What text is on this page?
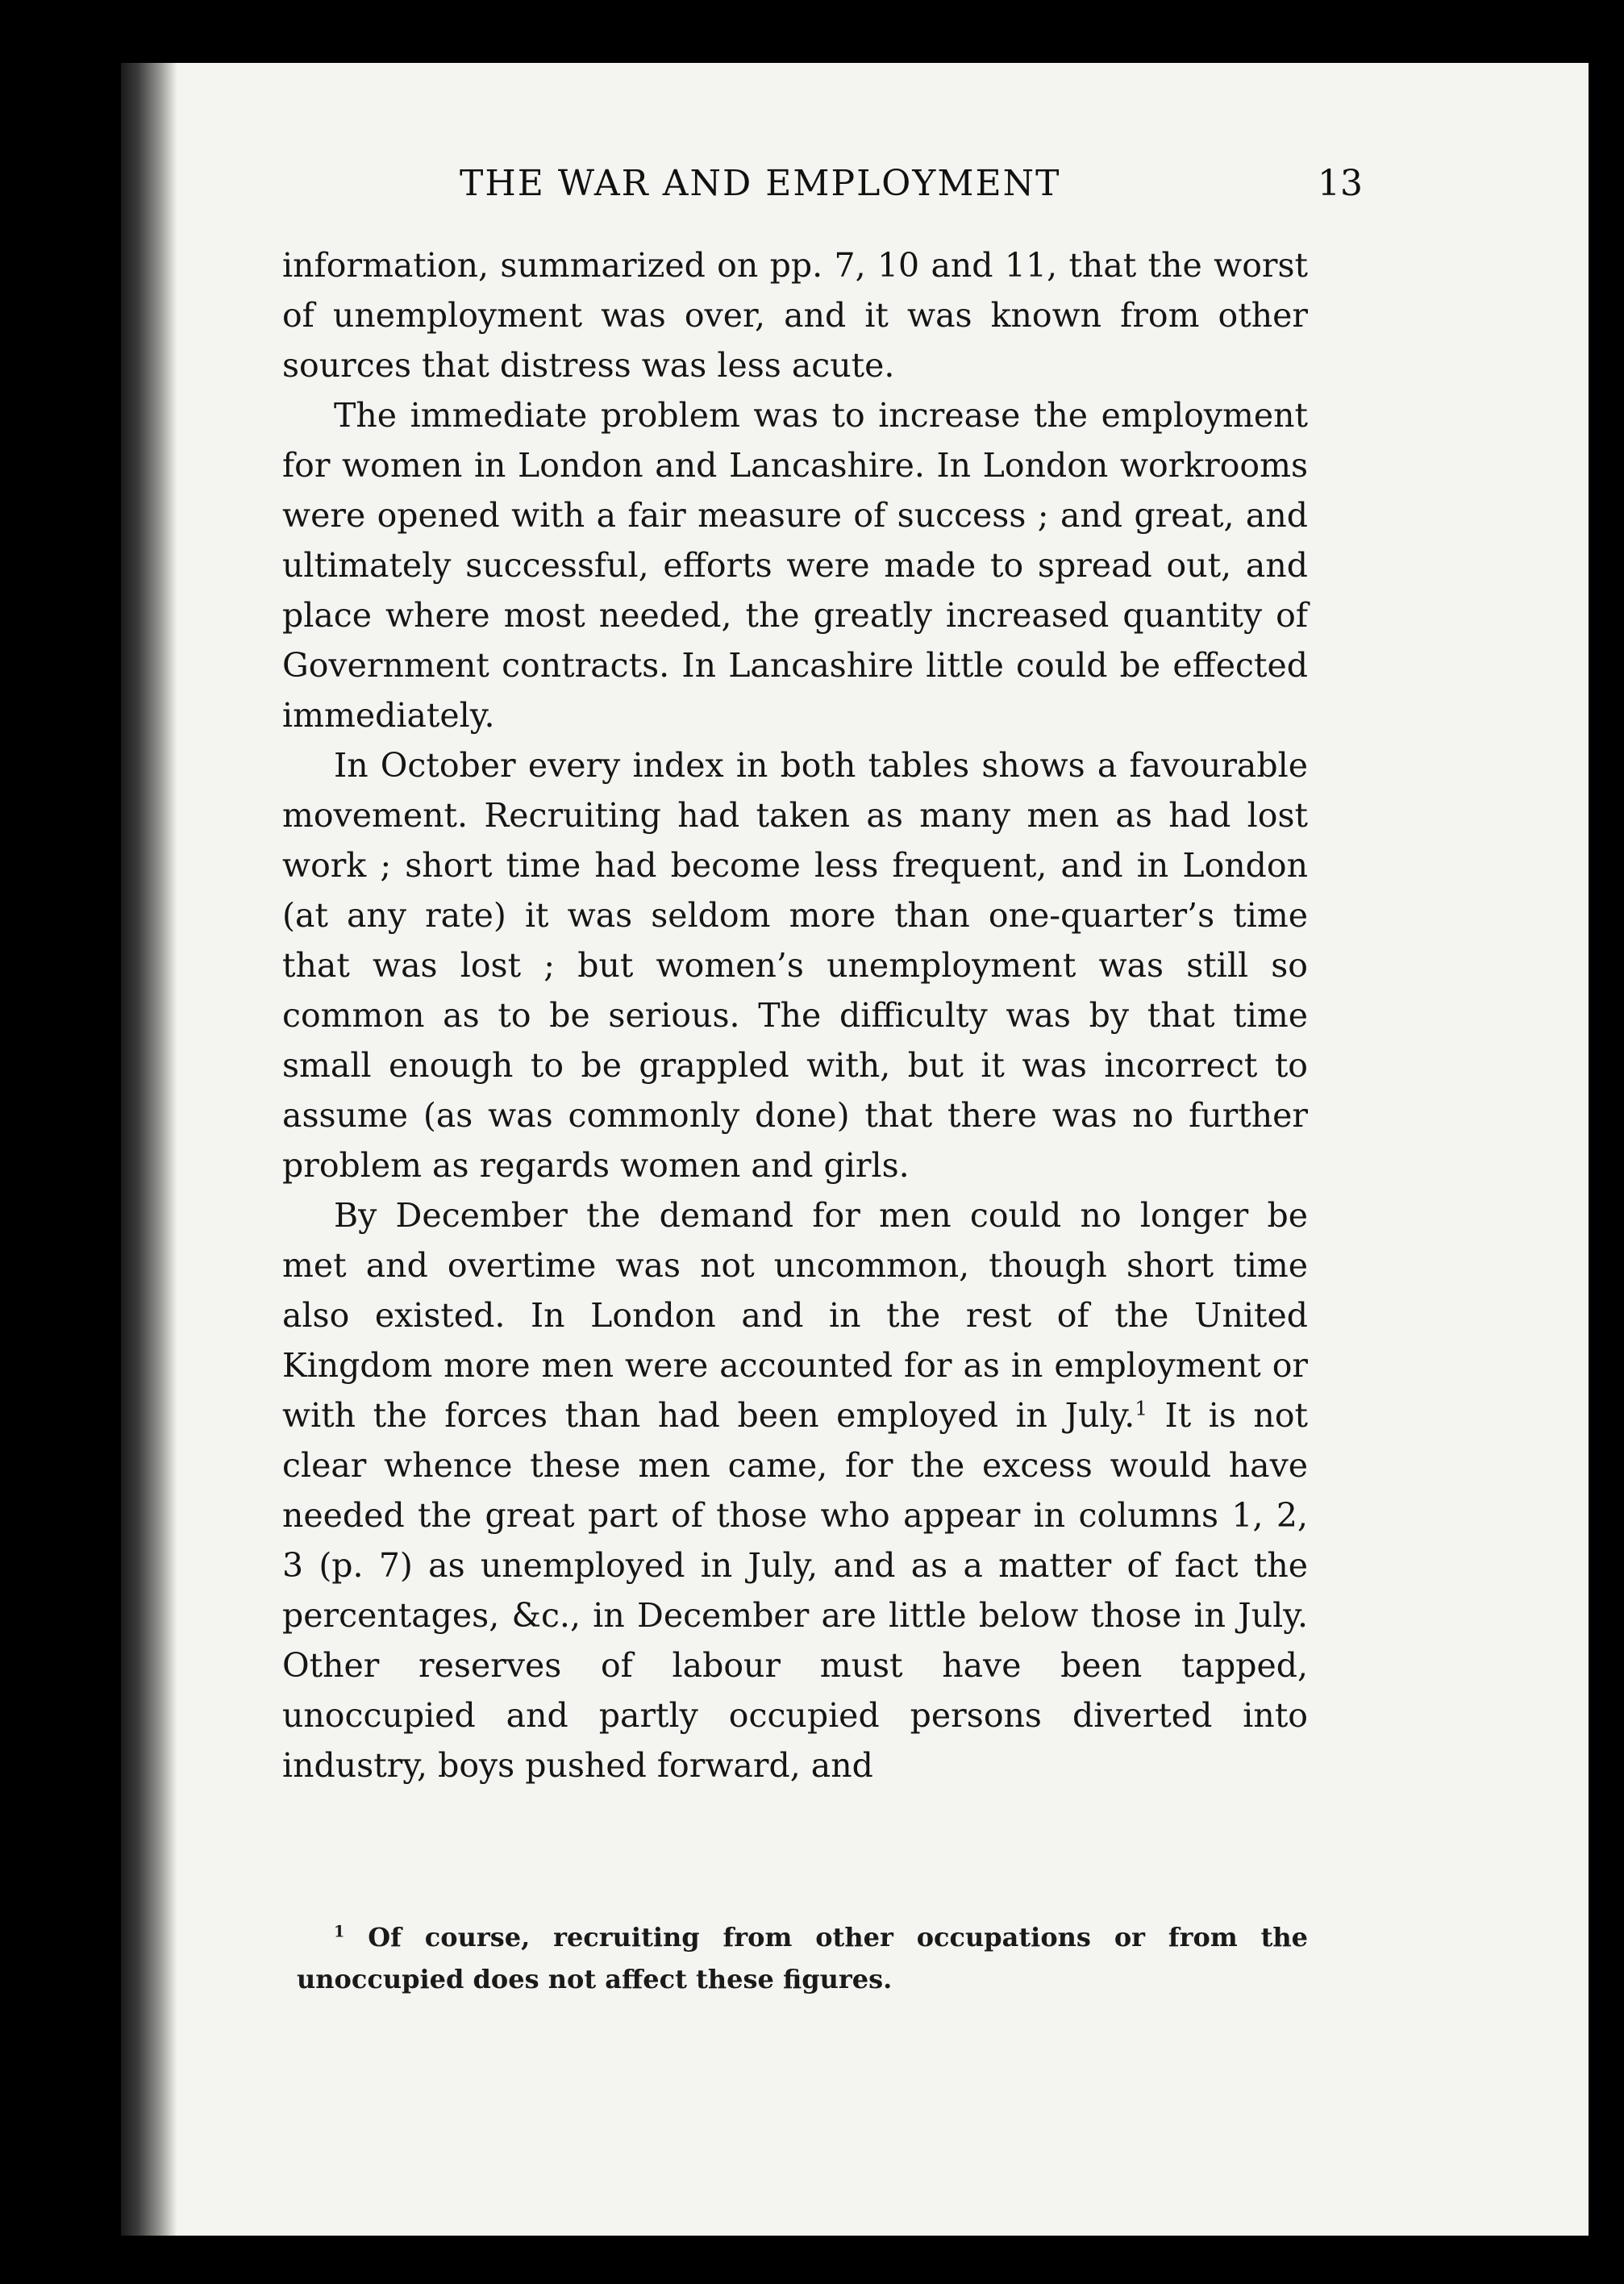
THE WAR AND EMPLOYMENT	13

information, summarized on pp. 7, 10 and 11, that the worst of unemployment was over, and it was known from other sources that distress was less acute.

The immediate problem was to increase the employment for women in London and Lancashire. In London workrooms were opened with a fair measure of success ; and great, and ultimately successful, efforts were made to spread out, and place where most needed, the greatly increased quantity of Government contracts. In Lancashire little could be effected immediately.

In October every index in both tables shows a favourable movement. Recruiting had taken as many men as had lost work ; short time had become less frequent, and in London (at any rate) it was seldom more than one-quarter’s time that was lost ; but women’s unemployment was still so common as to be serious. The difficulty was by that time small enough to be grappled with, but it was incorrect to assume (as was commonly done) that there was no further problem as regards women and girls.

By December the demand for men could no longer be met and overtime was not uncommon, though short time also existed. In London and in the rest of the United Kingdom more men were accounted for as in employment or with the forces than had been employed in July.$^1$ It is not clear whence these men came, for the excess would have needed the great part of those who appear in columns 1, 2, 3 (p. 7) as unemployed in July, and as a matter of fact the percentages, &c., in December are little below those in July. Other reserves of labour must have been tapped, unoccupied and partly occupied persons diverted into industry, boys pushed forward, and

$^1$ Of course, recruiting from other occupations or from the unoccupied does not affect these figures.
